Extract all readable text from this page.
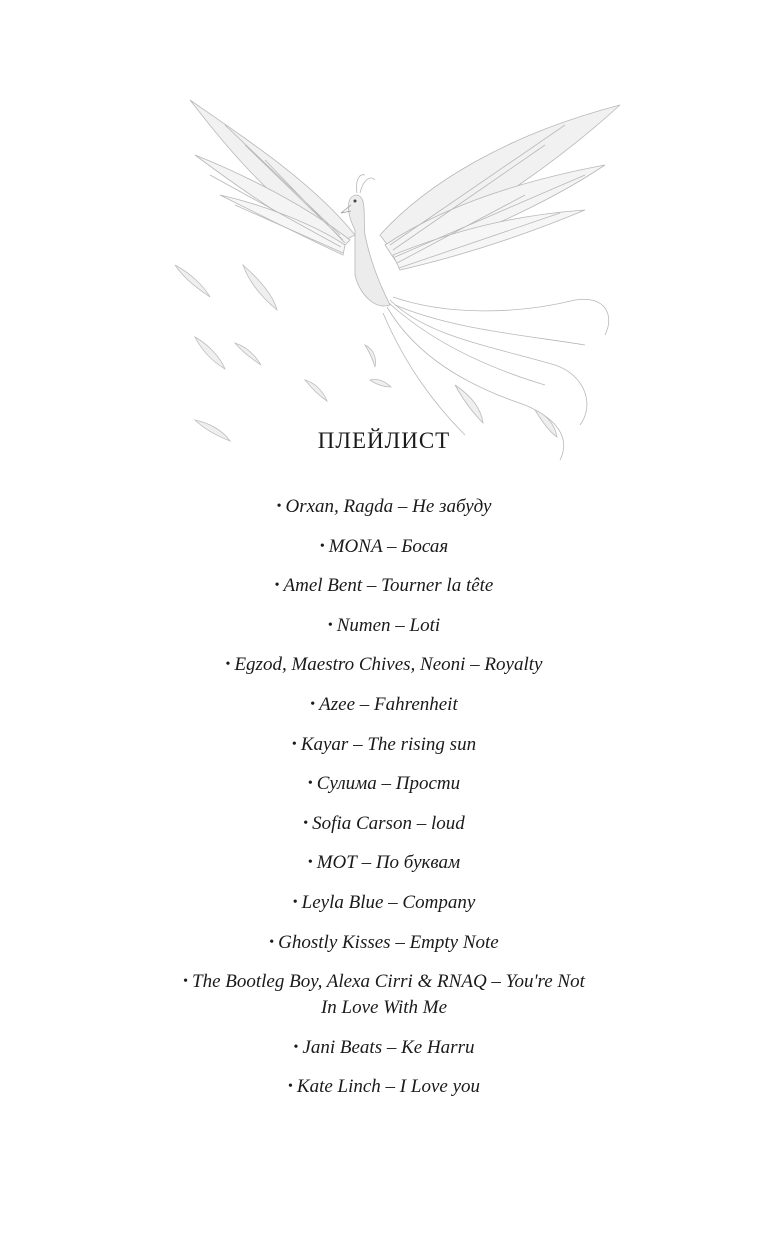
ПЛЕЙЛИСТ
• Orxan, Ragda – Не забуду
• MONA – Босая
• Amel Bent – Tourner la tête
• Numen – Loti
• Egzod, Maestro Chives, Neoni – Royalty
• Azee – Fahrenheit
• Kayar – The rising sun
• Сулима – Прости
• Sofia Carson – loud
• МОТ – По буквам
• Leyla Blue – Company
• Ghostly Kisses – Empty Note
• The Bootleg Boy, Alexa Cirri & RNAQ – You're Not In Love With Me
• Jani Beats – Ke Harru
• Kate Linch – I Love you
